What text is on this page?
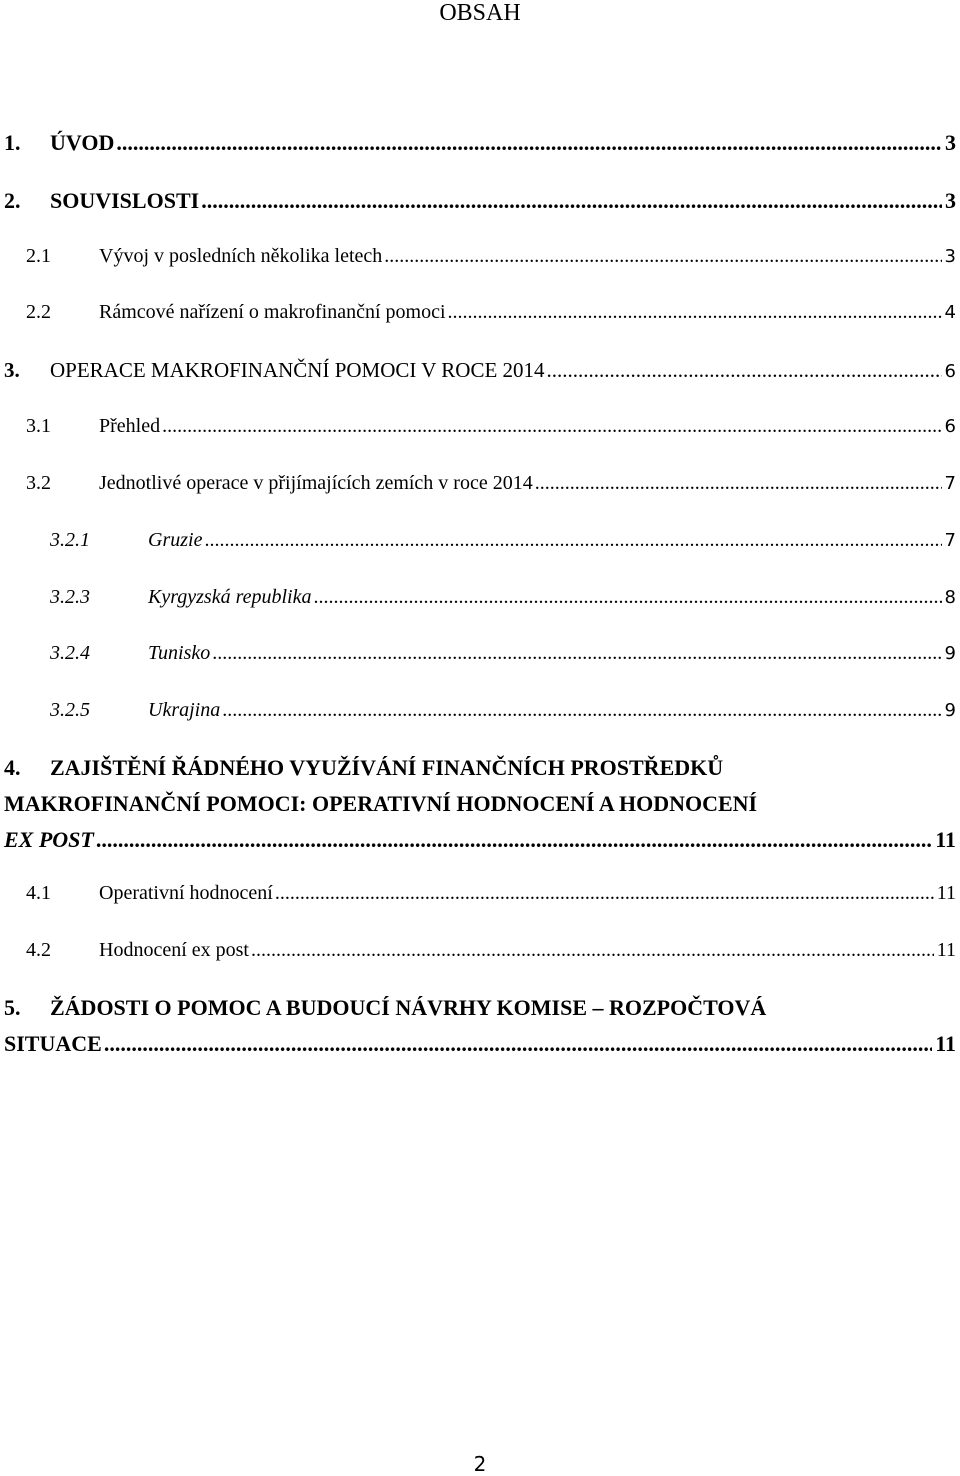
OBSAH
1.	ÚVOD .....	3
2.	SOUVISLOSTI .....	3
2.1	Vývoj v posledních několika letech .....	3
2.2	Rámcové nařízení o makrofinanční pomoci .....	4
3.	OPERACE MAKROFINANČNÍ POMOCI V ROCE 2014 .....	6
3.1	Přehled .....	6
3.2	Jednotlivé operace v přijímajících zemích v roce 2014 .....	7
3.2.1	Gruzie .....	7
3.2.3	Kyrgyzská republika .....	8
3.2.4	Tunisko .....	9
3.2.5	Ukrajina .....	9
4.	ZAJIŠTĚNÍ ŘÁDNÉHO VYUŽÍVÁNÍ FINANČNÍCH PROSTŘEDKŮ
MAKROFINANČNÍ POMOCI: OPERATIVNÍ HODNOCENÍ A HODNOCENÍ
EX POST .....	11
4.1	Operativní hodnocení .....	11
4.2	Hodnocení ex post .....	11
5.	ŽÁDOSTI O POMOC A BUDOUCÍ NÁVRHY KOMISE – ROZPOČTOVÁ
SITUACE .....	11
2
